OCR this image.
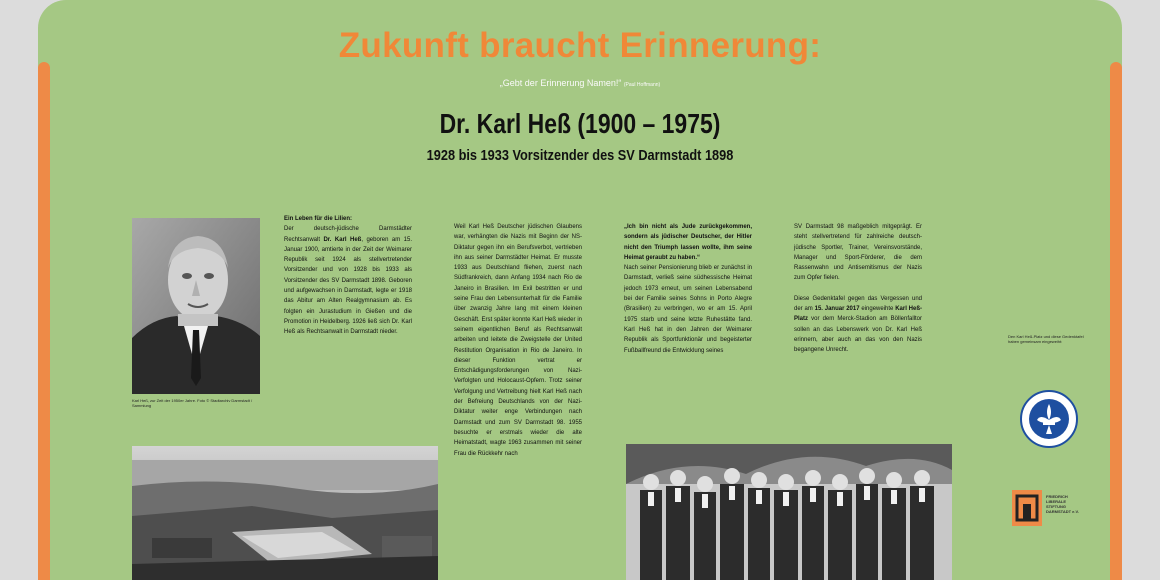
Zukunft braucht Erinnerung:
„Gebt der Erinnerung Namen!“ (Paul Hoffmann)
Dr. Karl Heß (1900 – 1975)
1928 bis 1933 Vorsitzender des SV Darmstadt 1898
Karl Heß, zur Zeit der 1950er Jahre. Foto © Stadtarchiv Darmstadt / Sammlung

Ein Leben für die Lilien:

Der deutsch-jüdische Darmstädter Rechtsanwalt Dr. Karl Heß, geboren am 15. Januar 1900, amtierte in der Zeit der Weimarer Republik seit 1924 als stellvertretender Vorsitzender und von 1928 bis 1933 als Vorsitzender des SV Darmstadt 1898. Geboren und aufgewachsen in Darmstadt, legte er 1918 das Abitur am Alten Realgymnasium ab. Es folgten ein Jurastudium in Gießen und die Promotion in Heidelberg. 1926 ließ sich Dr. Karl Heß als Rechtsanwalt in Darmstadt nieder.

Weil Karl Heß Deutscher jüdischen Glaubens war, verhängten die Nazis mit Beginn der NS-Diktatur gegen ihn ein Berufsverbot, vertrieben ihn aus seiner Darmstädter Heimat. Er musste 1933 aus Deutschland fliehen, zuerst nach Südfrankreich, dann Anfang 1934 nach Rio de Janeiro in Brasilien. Im Exil bestritten er und seine Frau den Lebensunterhalt für die Familie über zwanzig Jahre lang mit einem kleinen Geschäft. Erst später konnte Karl Heß wieder in seinem eigentlichen Beruf als Rechtsanwalt arbeiten und leitete die Zweigstelle der United Restitution Organisation in Rio de Janeiro. In dieser Funktion vertrat er Entschädigungsforderungen von Nazi-Verfolgten und Holocaust-Opfern. Trotz seiner Verfolgung und Vertreibung hielt Karl Heß nach der Befreiung Deutschlands von der Nazi-Diktatur weiter enge Verbindungen nach Darmstadt und zum SV Darmstadt 98. 1955 besuchte er erstmals wieder die alte Heimatstadt, wagte 1963 zusammen mit seiner Frau die Rückkehr nach

„Ich bin nicht als Jude zurückgekommen, sondern als jüdischer Deutscher, der Hitler nicht den Triumph lassen wollte, ihm seine Heimat geraubt zu haben.“

Nach seiner Pensionierung blieb er zunächst in Darmstadt, verließ seine südhessische Heimat jedoch 1973 erneut, um seinen Lebensabend bei der Familie seines Sohns in Porto Alegre (Brasilien) zu verbringen, wo er am 15. April 1975 starb und seine letzte Ruhestätte fand. Karl Heß hat in den Jahren der Weimarer Republik als Sportfunktionär und begeisterter Fußballfreund die Entwicklung seines

SV Darmstadt 98 maßgeblich mitgeprägt. Er steht stellvertretend für zahlreiche deutsch-jüdische Sportler, Trainer, Vereinsvorstände, Manager und Sport-Förderer, die dem Rassenwahn und Antisemitismus der Nazis zum Opfer fielen.

Diese Gedenktafel gegen das Vergessen und der am 15. Januar 2017 eingeweihte Karl Heß-Platz vor dem Merck-Stadion am Böllenfalltor sollen an das Lebenswerk von Dr. Karl Heß erinnern, aber auch an das von den Nazis begangene Unrecht.

Den Karl Heß-Platz und diese Gedenktafel haben gemeinsam eingeweiht:
FRIEDRICH LIBERALE STIFTUNG DARMSTADT e.V.
